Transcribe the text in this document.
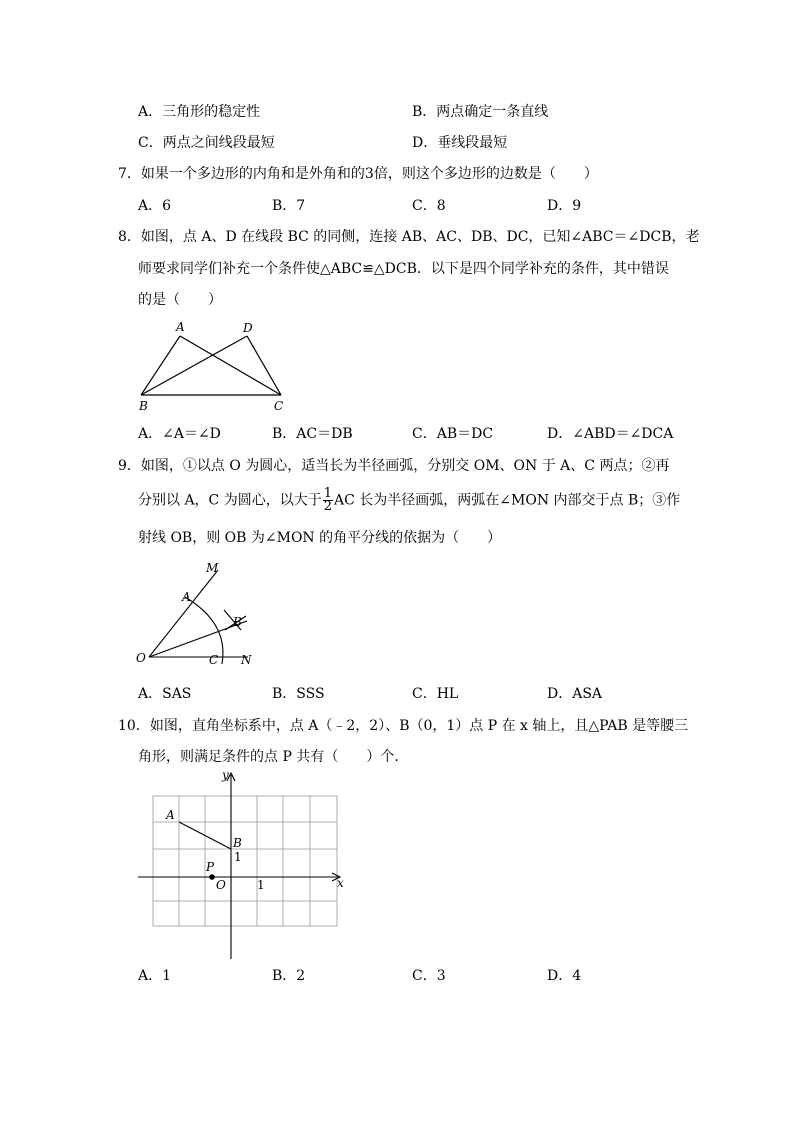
A．三角形的稳定性	B．两点确定一条直线
C．两点之间线段最短	D．垂线段最短
7．如果一个多边形的内角和是外角和的3倍，则这个多边形的边数是（　　）
A．6	B．7	C．8	D．9
8．如图，点 A、D 在线段 BC 的同侧，连接 AB、AC、DB、DC，已知∠ABC＝∠DCB，老
师要求同学们补充一个条件使△ABC≌△DCB．以下是四个同学补充的条件，其中错误
的是（　　）
A	D
B	C
A．∠A＝∠D	B．AC＝DB	C．AB＝DC	D．∠ABD＝∠DCA
9．如图，①以点 O 为圆心，适当长为半径画弧，分别交 OM、ON 于 A、C 两点；②再
分别以 A，C 为圆心，以大于 $\frac{1}{2}$ AC 长为半径画弧，两弧在∠MON 内部交于点 B；③作
射线 OB，则 OB 为∠MON 的角平分线的依据为（　　）
M
A
B
O	C N
A．SAS	B．SSS	C．HL	D．ASA
10．如图，直角坐标系中，点 A（﹣2，2）、B（0，1）点 P 在 x 轴上，且△PAB 是等腰三
角形，则满足条件的点 P 共有（　　）个．
y
A
B
1
P
O	1	x
A．1	B．2	C．3	D．4
